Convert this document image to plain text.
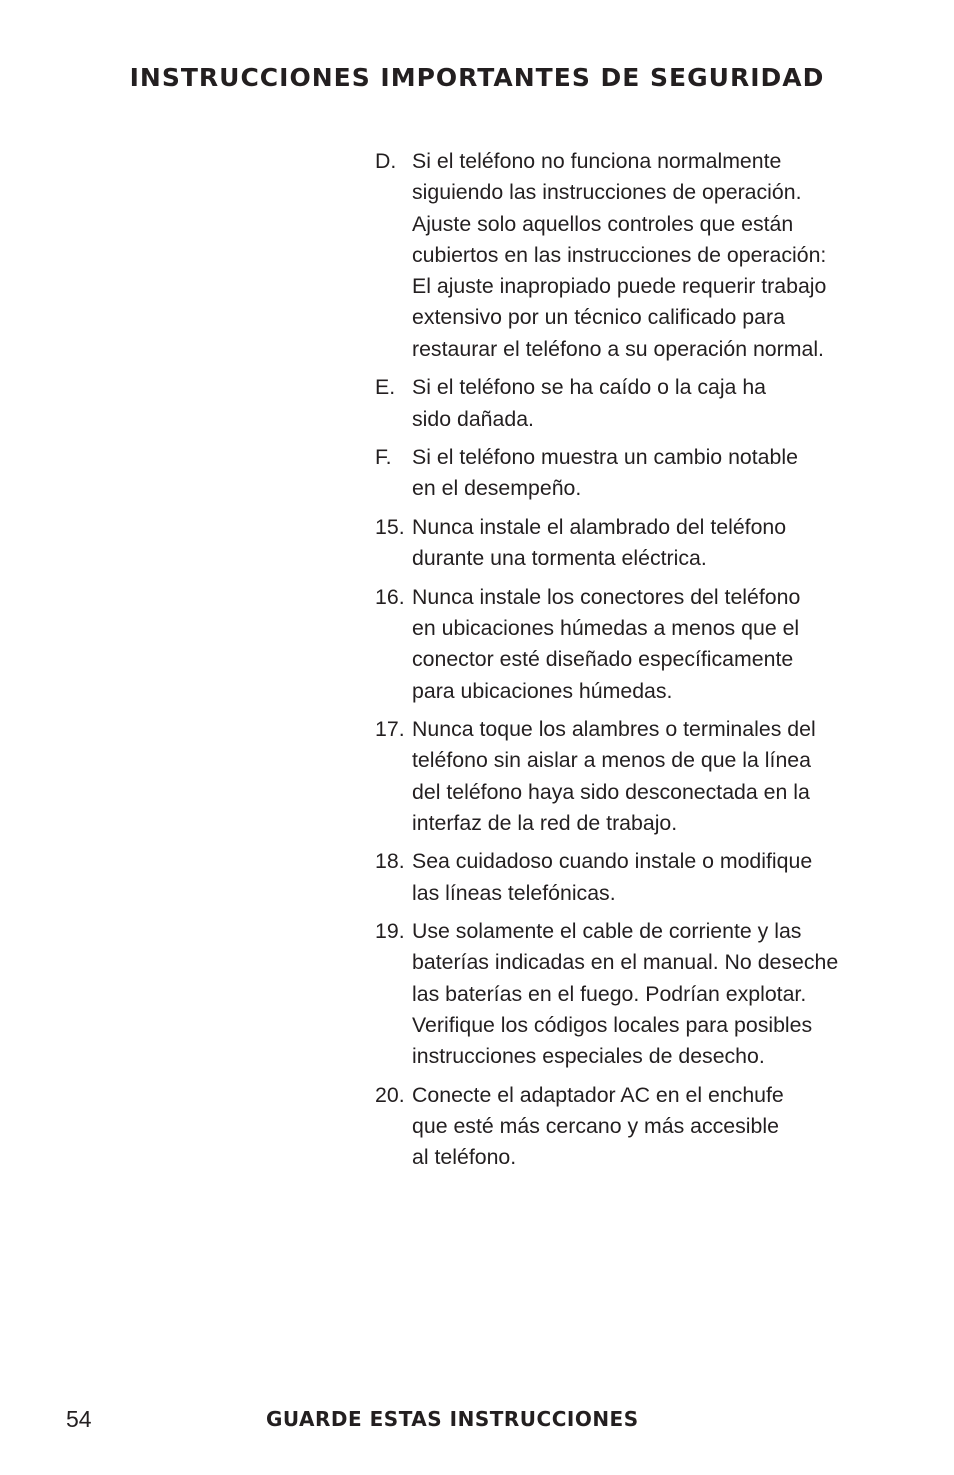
INSTRUCCIONES IMPORTANTES DE SEGURIDAD
D. Si el teléfono no funciona normalmente
siguiendo las instrucciones de operación.
Ajuste solo aquellos controles que están
cubiertos en las instrucciones de operación:
El ajuste inapropiado puede requerir trabajo
extensivo por un técnico calificado para
restaurar el teléfono a su operación normal.
E. Si el teléfono se ha caído o la caja ha
sido dañada.
F. Si el teléfono muestra un cambio notable
en el desempeño.
15. Nunca instale el alambrado del teléfono
durante una tormenta eléctrica.
16. Nunca instale los conectores del teléfono
en ubicaciones húmedas a menos que el
conector esté diseñado específicamente
para ubicaciones húmedas.
17. Nunca toque los alambres o terminales del
teléfono sin aislar a menos de que la línea
del teléfono haya sido desconectada en la
interfaz de la red de trabajo.
18. Sea cuidadoso cuando instale o modifique
las líneas telefónicas.
19. Use solamente el cable de corriente y las
baterías indicadas en el manual. No deseche
las baterías en el fuego. Podrían explotar.
Verifique los códigos locales para posibles
instrucciones especiales de desecho.
20. Conecte el adaptador AC en el enchufe
que esté más cercano y más accesible
al teléfono.
54	GUARDE ESTAS INSTRUCCIONES
